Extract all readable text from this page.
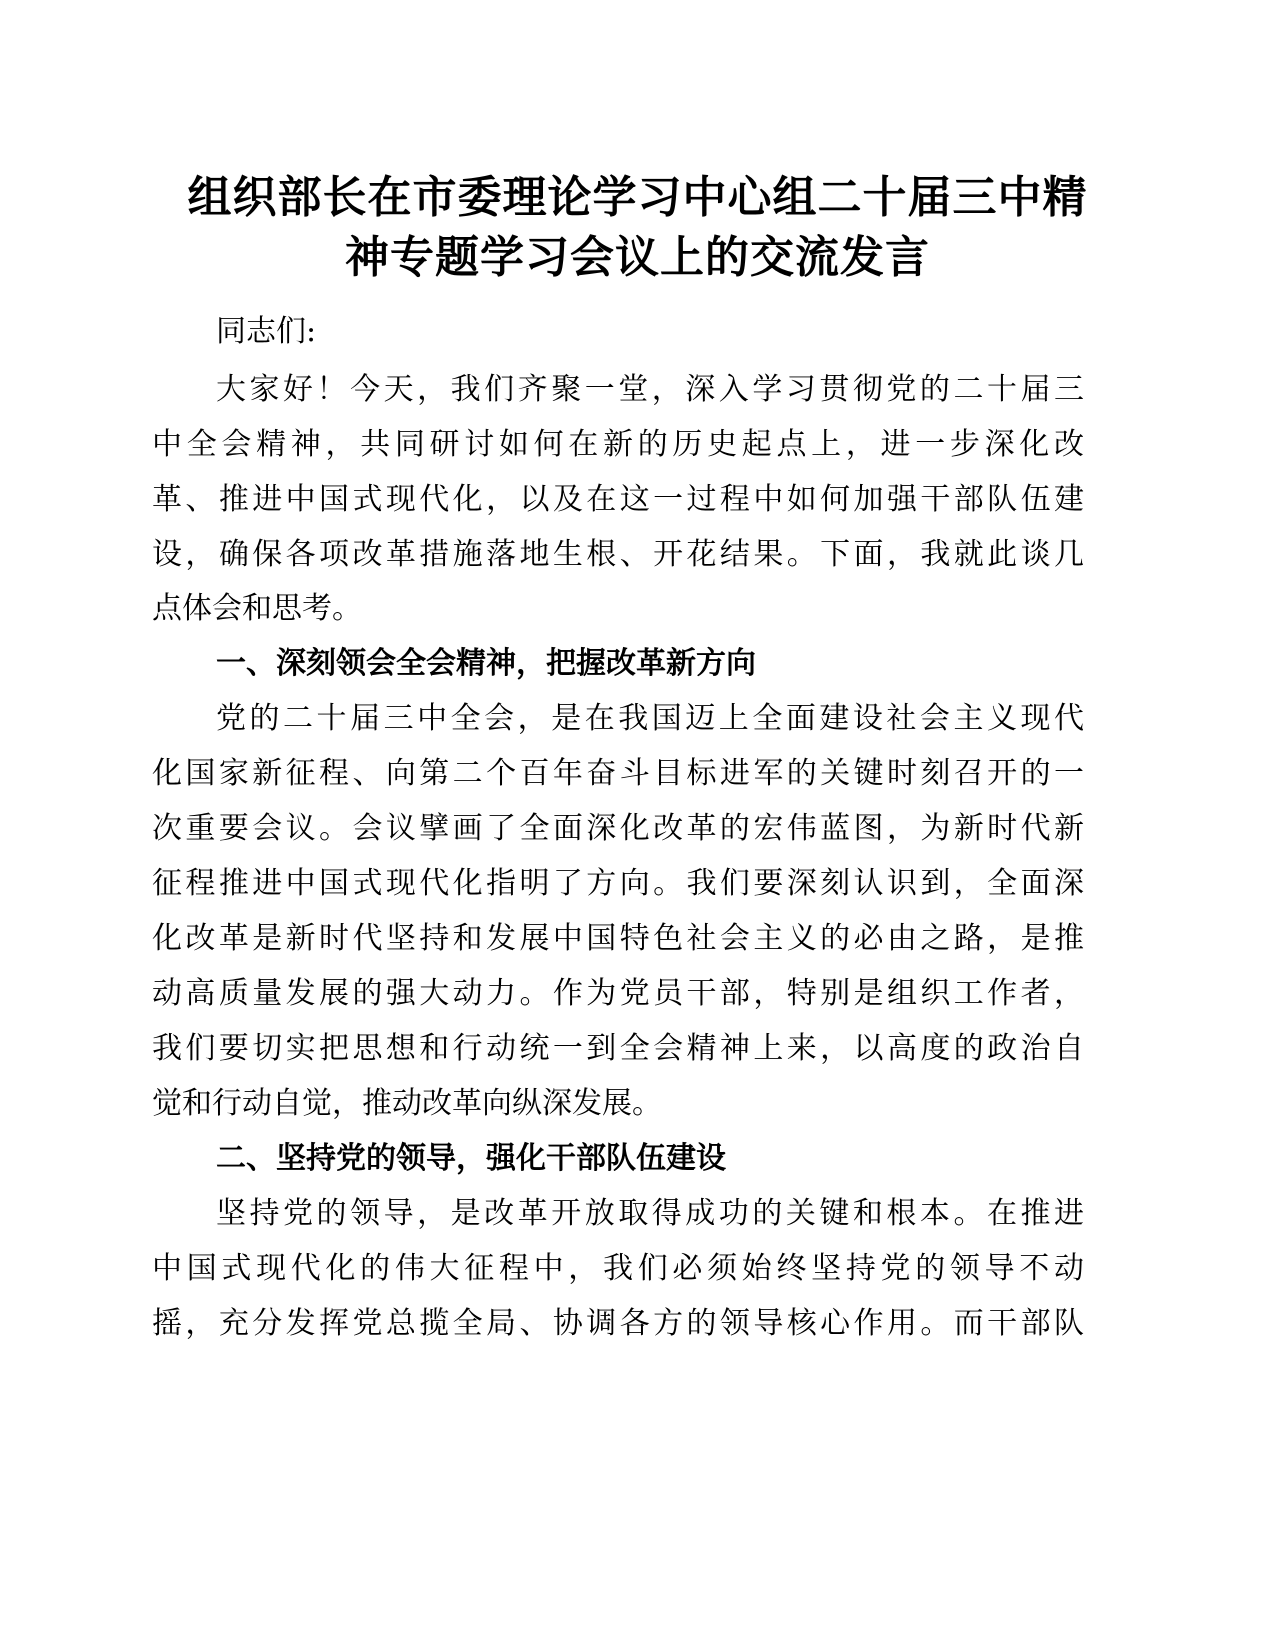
组织部长在市委理论学习中心组二十届三中精
神专题学习会议上的交流发言
同志们:
大家好！今天，我们齐聚一堂，深入学习贯彻党的二十届三
中全会精神，共同研讨如何在新的历史起点上，进一步深化改
革、推进中国式现代化，以及在这一过程中如何加强干部队伍建
设，确保各项改革措施落地生根、开花结果。下面，我就此谈几
点体会和思考。
一、深刻领会全会精神，把握改革新方向
党的二十届三中全会，是在我国迈上全面建设社会主义现代
化国家新征程、向第二个百年奋斗目标进军的关键时刻召开的一
次重要会议。会议擘画了全面深化改革的宏伟蓝图，为新时代新
征程推进中国式现代化指明了方向。我们要深刻认识到，全面深
化改革是新时代坚持和发展中国特色社会主义的必由之路，是推
动高质量发展的强大动力。作为党员干部，特别是组织工作者，
我们要切实把思想和行动统一到全会精神上来，以高度的政治自
觉和行动自觉，推动改革向纵深发展。
二、坚持党的领导，强化干部队伍建设
坚持党的领导，是改革开放取得成功的关键和根本。在推进
中国式现代化的伟大征程中，我们必须始终坚持党的领导不动
摇，充分发挥党总揽全局、协调各方的领导核心作用。而干部队
